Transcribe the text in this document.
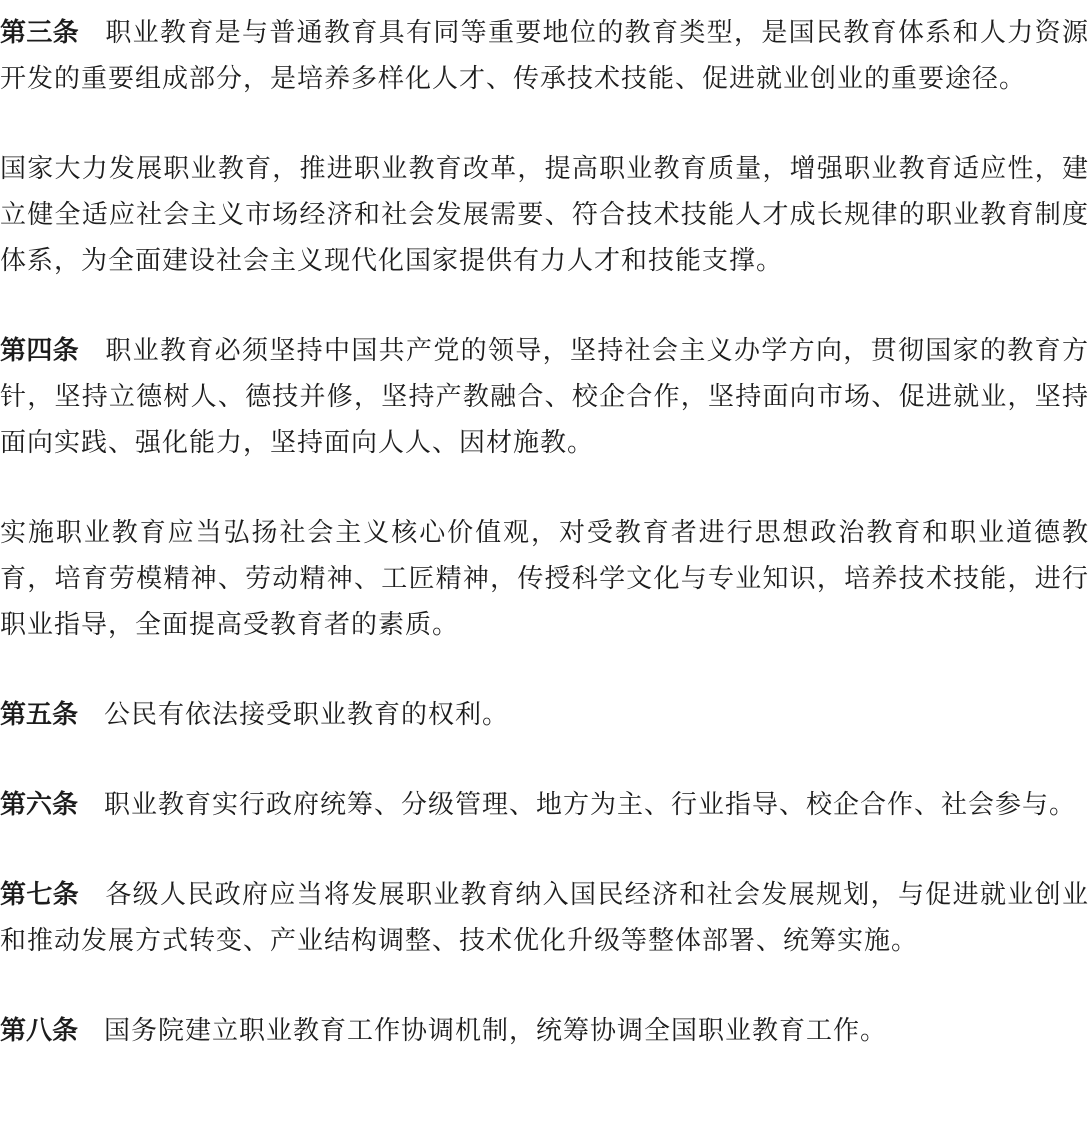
第三条 职业教育是与普通教育具有同等重要地位的教育类型，是国民教育体系和人力资源开发的重要组成部分，是培养多样化人才、传承技术技能、促进就业创业的重要途径。

国家大力发展职业教育，推进职业教育改革，提高职业教育质量，增强职业教育适应性，建立健全适应社会主义市场经济和社会发展需要、符合技术技能人才成长规律的职业教育制度体系，为全面建设社会主义现代化国家提供有力人才和技能支撑。

第四条 职业教育必须坚持中国共产党的领导，坚持社会主义办学方向，贯彻国家的教育方针，坚持立德树人、德技并修，坚持产教融合、校企合作，坚持面向市场、促进就业，坚持面向实践、强化能力，坚持面向人人、因材施教。

实施职业教育应当弘扬社会主义核心价值观，对受教育者进行思想政治教育和职业道德教育，培育劳模精神、劳动精神、工匠精神，传授科学文化与专业知识，培养技术技能，进行职业指导，全面提高受教育者的素质。

第五条 公民有依法接受职业教育的权利。

第六条 职业教育实行政府统筹、分级管理、地方为主、行业指导、校企合作、社会参与。

第七条 各级人民政府应当将发展职业教育纳入国民经济和社会发展规划，与促进就业创业和推动发展方式转变、产业结构调整、技术优化升级等整体部署、统筹实施。

第八条 国务院建立职业教育工作协调机制，统筹协调全国职业教育工作。
